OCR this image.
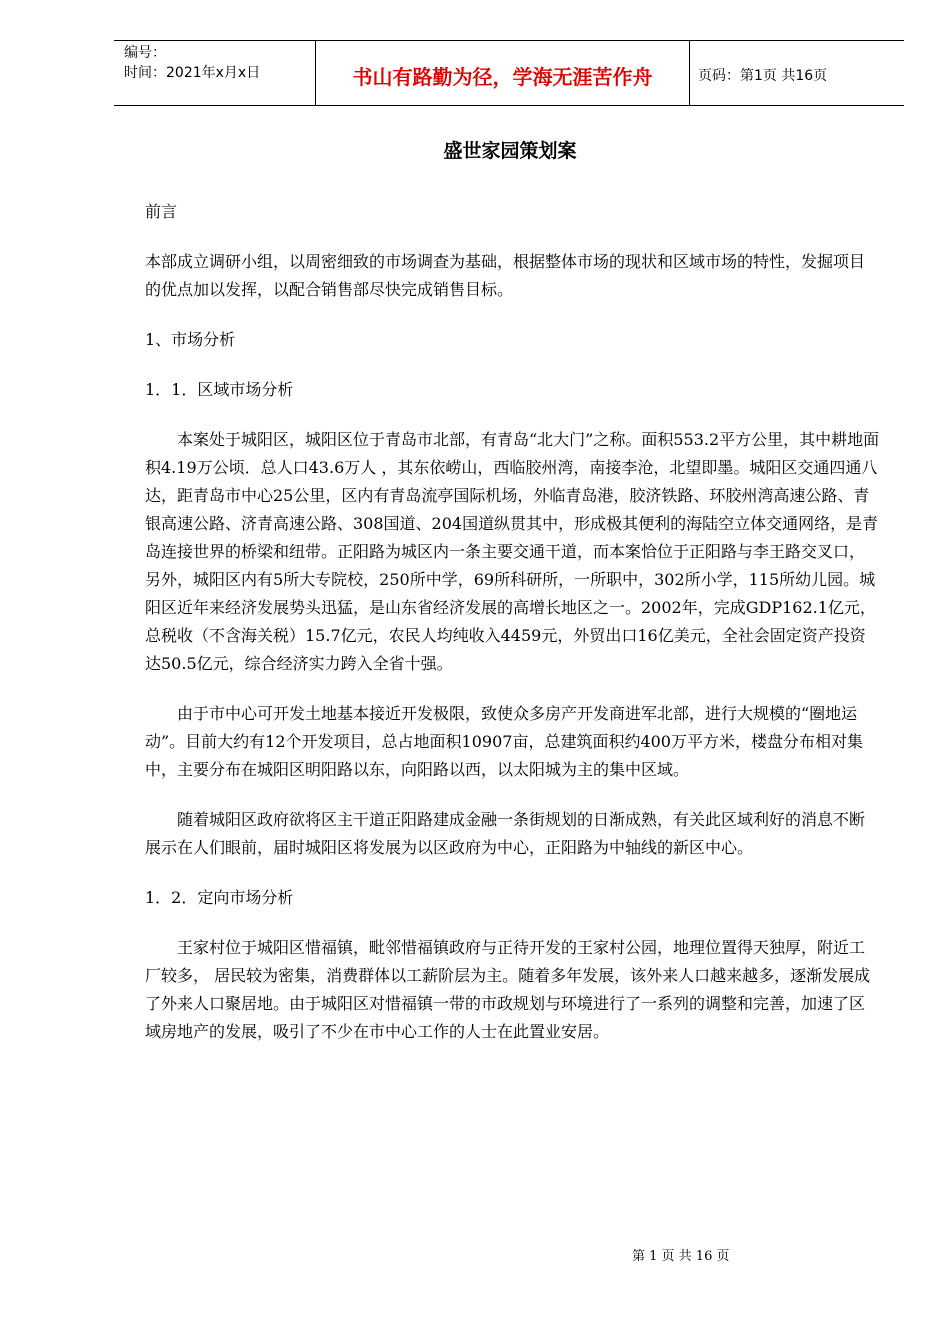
编号：
时间：2021年x月x日	书山有路勤为径，学海无涯苦作舟	页码：第1页 共16页
盛世家园策划案

前言

本部成立调研小组，以周密细致的市场调查为基础，根据整体市场的现状和区域市场的特性，发掘项目的优点加以发挥，以配合销售部尽快完成销售目标。

1、市场分析

1．1．区域市场分析

本案处于城阳区，城阳区位于青岛市北部，有青岛“北大门”之称。面积553.2平方公里，其中耕地面积4.19万公顷．总人口43.6万人 ，其东依崂山，西临胶州湾，南接李沧，北望即墨。城阳区交通四通八达，距青岛市中心25公里，区内有青岛流亭国际机场，外临青岛港，胶济铁路、环胶州湾高速公路、青银高速公路、济青高速公路、308国道、204国道纵贯其中，形成极其便利的海陆空立体交通网络，是青岛连接世界的桥梁和纽带。正阳路为城区内一条主要交通干道，而本案恰位于正阳路与李王路交叉口， 另外，城阳区内有5所大专院校，250所中学，69所科研所，一所职中，302所小学，115所幼儿园。城阳区近年来经济发展势头迅猛，是山东省经济发展的高增长地区之一。2002年，完成GDP162.1亿元，总税收（不含海关税）15.7亿元，农民人均纯收入4459元，外贸出口16亿美元，全社会固定资产投资达50.5亿元，综合经济实力跨入全省十强。

由于市中心可开发土地基本接近开发极限，致使众多房产开发商进军北部，进行大规模的“圈地运动”。目前大约有12个开发项目，总占地面积10907亩，总建筑面积约400万平方米，楼盘分布相对集中，主要分布在城阳区明阳路以东，向阳路以西，以太阳城为主的集中区域。

随着城阳区政府欲将区主干道正阳路建成金融一条街规划的日渐成熟，有关此区域利好的消息不断展示在人们眼前，届时城阳区将发展为以区政府为中心，正阳路为中轴线的新区中心。

1．2．定向市场分析

王家村位于城阳区惜福镇，毗邻惜福镇政府与正待开发的王家村公园，地理位置得天独厚，附近工厂较多， 居民较为密集，消费群体以工薪阶层为主。随着多年发展，该外来人口越来越多，逐渐发展成了外来人口聚居地。由于城阳区对惜福镇一带的市政规划与环境进行了一系列的调整和完善，加速了区域房地产的发展，吸引了不少在市中心工作的人士在此置业安居。

第 1 页 共 16 页
